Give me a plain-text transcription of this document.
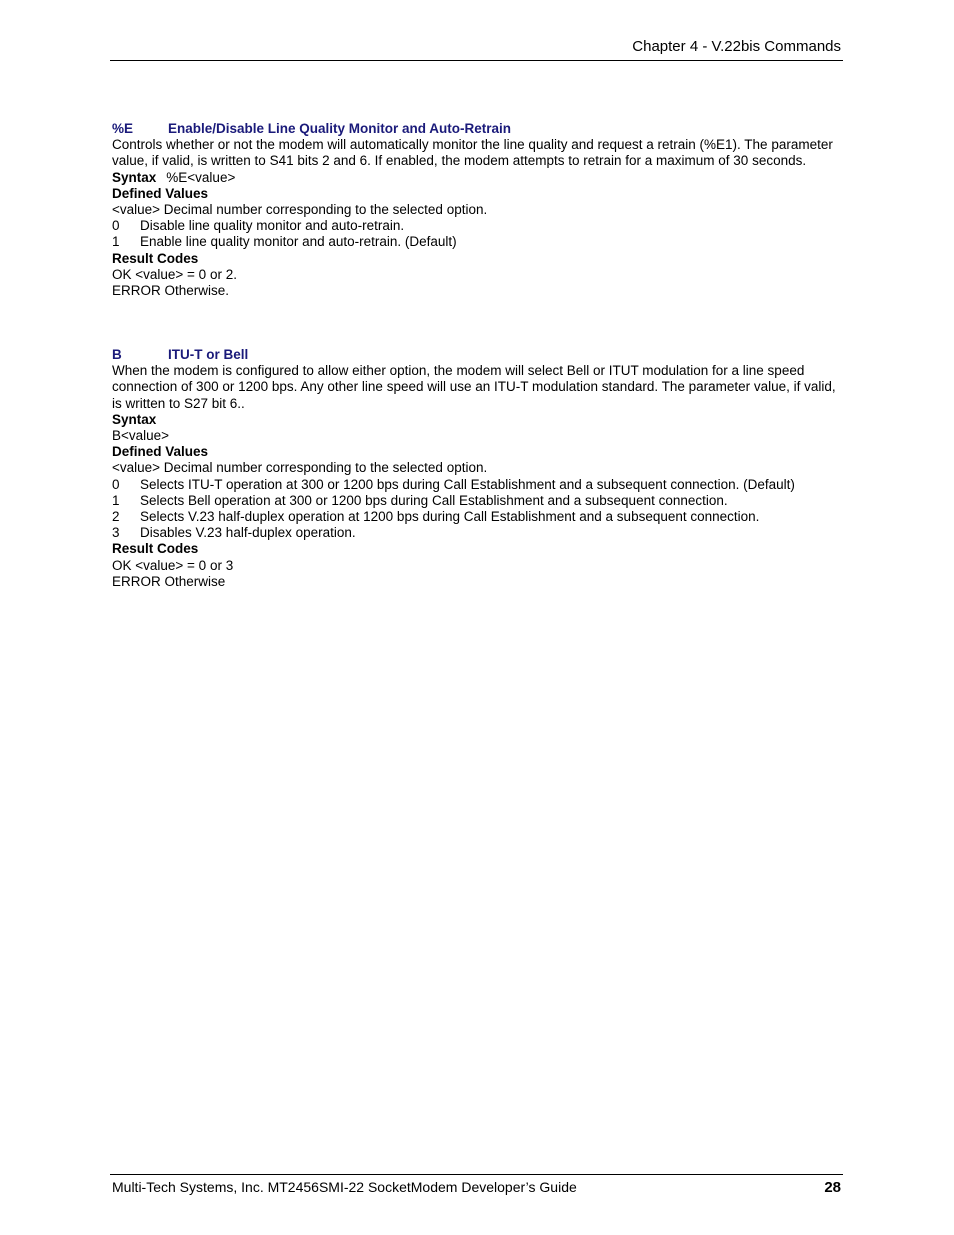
Chapter 4 - V.22bis Commands
%E	Enable/Disable Line Quality Monitor and Auto-Retrain
Controls whether or not the modem will automatically monitor the line quality and request a retrain (%E1). The parameter value, if valid, is written to S41 bits 2 and 6. If enabled, the modem attempts to retrain for a maximum of 30 seconds.
Syntax %E<value>
Defined Values
<value> Decimal number corresponding to the selected option.
0	Disable line quality monitor and auto-retrain.
1	Enable line quality monitor and auto-retrain. (Default)
Result Codes
OK <value> = 0 or 2.
ERROR Otherwise.
B	ITU-T or Bell
When the modem is configured to allow either option, the modem will select Bell or ITUT modulation for a line speed connection of 300 or 1200 bps. Any other line speed will use an ITU-T modulation standard. The parameter value, if valid, is written to S27 bit 6..
Syntax
B<value>
Defined Values
<value> Decimal number corresponding to the selected option.
0	Selects ITU-T operation at 300 or 1200 bps during Call Establishment and a subsequent connection. (Default)
1	Selects Bell operation at 300 or 1200 bps during Call Establishment and a subsequent connection.
2	Selects V.23 half-duplex operation at 1200 bps during Call Establishment and a subsequent connection.
3	Disables V.23 half-duplex operation.
Result Codes
OK <value> = 0 or 3
ERROR Otherwise
Multi-Tech Systems, Inc. MT2456SMI-22 SocketModem Developer’s Guide	28
